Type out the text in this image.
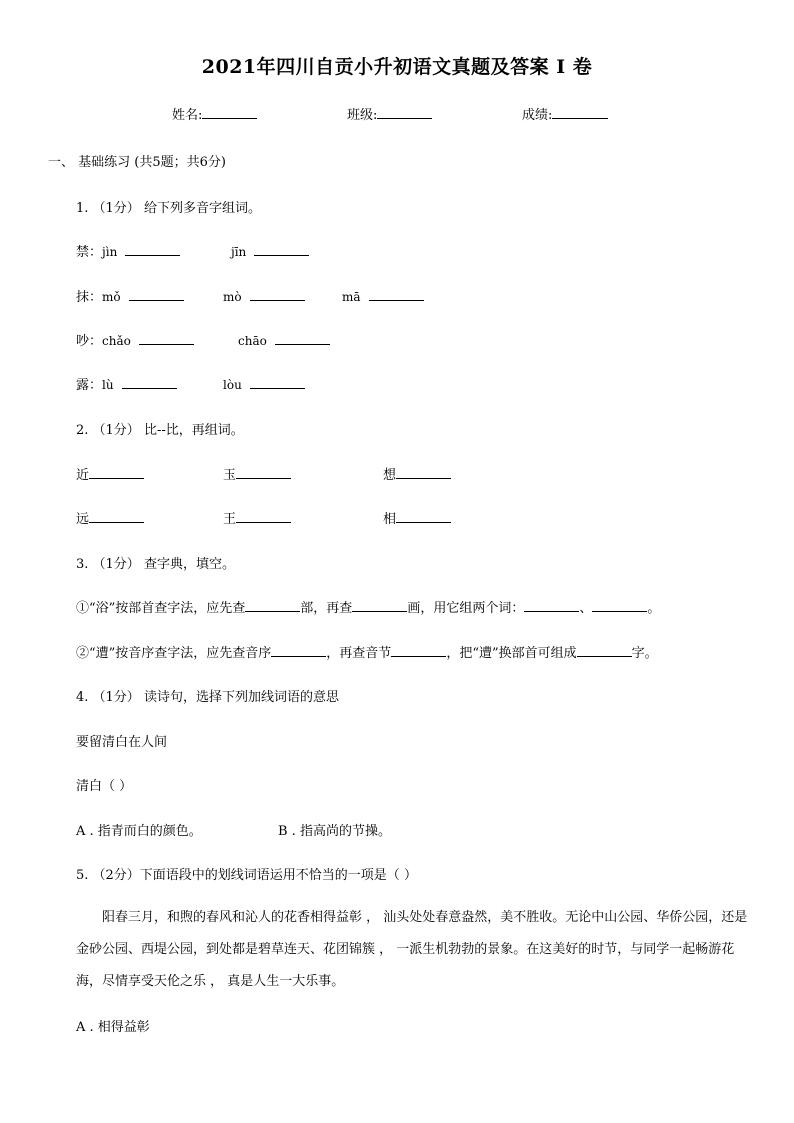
2021年四川自贡小升初语文真题及答案 I 卷
姓名:	班级:	成绩:
一、 基础练习 (共5题；共6分)
1. （1分） 给下列多音字组词。
禁：jìn	jīn
抹：mǒ	mò	mā
吵：chǎo	chāo
露：lù	lòu
2. （1分） 比--比，再组词。
近	玉	想
远	王	相
3. （1分） 查字典，填空。
①“浴”按部首查字法，应先查	部，再查	画，用它组两个词：	、	。
②“遭”按音序查字法，应先查音序	，再查音节	，把“遭”换部首可组成	字。
4. （1分） 读诗句，选择下列加线词语的意思
要留清白在人间
清白（ ）
A . 指青而白的颜色。	B . 指高尚的节操。
5. （2分）下面语段中的划线词语运用不恰当的一项是（ ）
阳春三月，和煦的春风和沁人的花香相得益彰 ， 汕头处处春意盎然，美不胜收。无论中山公园、华侨公园，还是金砂公园、西堤公园，到处都是碧草连天、花团锦簇 ， 一派生机勃勃的景象。在这美好的时节，与同学一起畅游花海，尽情享受天伦之乐 ， 真是人生一大乐事。
A . 相得益彰
